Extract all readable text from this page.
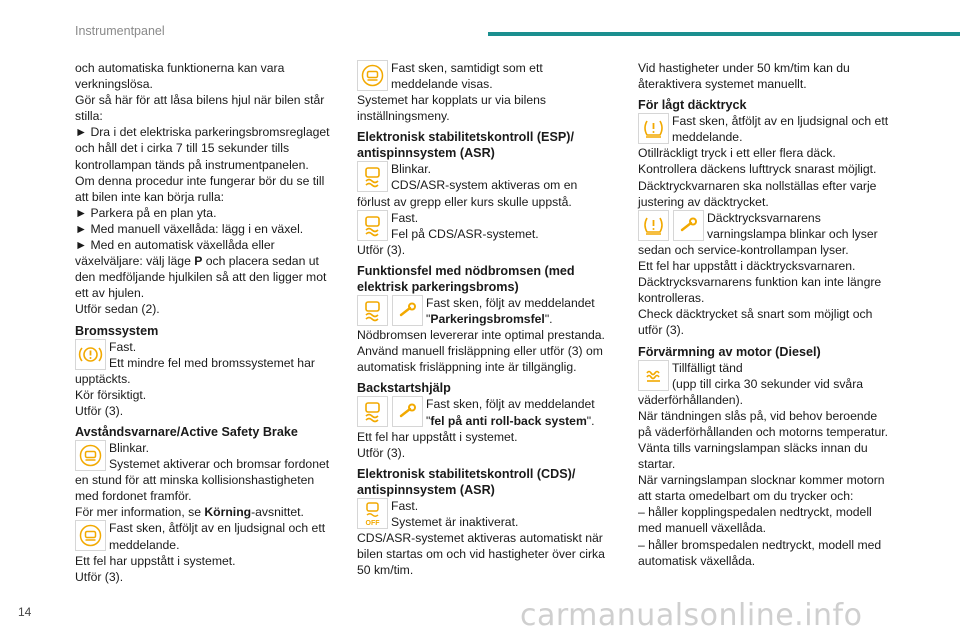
Instrumentpanel

och automatiska funktionerna kan vara verkningslösa.

Gör så här för att låsa bilens hjul när bilen står stilla:

► Dra i det elektriska parkeringsbromsreglaget och håll det i cirka 7 till 15 sekunder tills kontrollampan tänds på instrumentpanelen.

Om denna procedur inte fungerar bör du se till att bilen inte kan börja rulla:

► Parkera på en plan yta.

► Med manuell växellåda: lägg i en växel.

► Med en automatisk växellåda eller växelväljare: välj läge P och placera sedan ut den medföljande hjulkilen så att den ligger mot ett av hjulen.

Utför sedan (2).

Bromssystem

Fast.

Ett mindre fel med bromssystemet har upptäckts.

Kör försiktigt.

Utför (3).

Avståndsvarnare/Active Safety Brake

Blinkar.

Systemet aktiverar och bromsar fordonet en stund för att minska kollisionshastigheten med fordonet framför.

För mer information, se Körning-avsnittet.

Fast sken, åtföljt av en ljudsignal och ett meddelande.

Ett fel har uppstått i systemet.

Utför (3).

Fast sken, samtidigt som ett meddelande visas.

Systemet har kopplats ur via bilens inställningsmeny.

Elektronisk stabilitetskontroll (ESP)/ antispinnsystem (ASR)

Blinkar.

CDS/ASR-system aktiveras om en förlust av grepp eller kurs skulle uppstå.

Fast.

Fel på CDS/ASR-systemet.

Utför (3).

Funktionsfel med nödbromsen (med elektrisk parkeringsbroms)

Fast sken, följt av meddelandet

"Parkeringsbromsfel".

Nödbromsen levererar inte optimal prestanda.

Använd manuell frisläppning eller utför (3) om automatisk frisläppning inte är tillgänglig.

Backstartshjälp

Fast sken, följt av meddelandet

"fel på anti roll-back system".

Ett fel har uppstått i systemet.

Utför (3).

Elektronisk stabilitetskontroll (CDS)/ antispinnsystem (ASR)
OFF

Fast.

Systemet är inaktiverat.

CDS/ASR-systemet aktiveras automatiskt när bilen startas om och vid hastigheter över cirka 50 km/tim.

Vid hastigheter under 50 km/tim kan du återaktivera systemet manuellt.

För lågt däcktryck

Fast sken, åtföljt av en ljudsignal och ett meddelande.

Otillräckligt tryck i ett eller flera däck.

Kontrollera däckens lufttryck snarast möjligt.

Däcktryckvarnaren ska nollställas efter varje justering av däcktrycket.

Däcktrycksvarnarens varningslampa blinkar och lyser sedan och service-kontrollampan lyser.

Ett fel har uppstått i däcktrycksvarnaren.

Däcktrycksvarnarens funktion kan inte längre kontrolleras.

Check däcktrycket så snart som möjligt och utför (3).

Förvärmning av motor (Diesel)

Tillfälligt tänd

(upp till cirka 30 sekunder vid svåra väderförhållanden).

När tändningen slås på, vid behov beroende på väderförhållanden och motorns temperatur.

Vänta tills varningslampan släcks innan du startar.

När varningslampan slocknar kommer motorn att starta omedelbart om du trycker och:

– håller kopplingspedalen nedtryckt, modell med manuell växellåda.

– håller bromspedalen nedtryckt, modell med automatisk växellåda.

14	carmanualsonline.info
